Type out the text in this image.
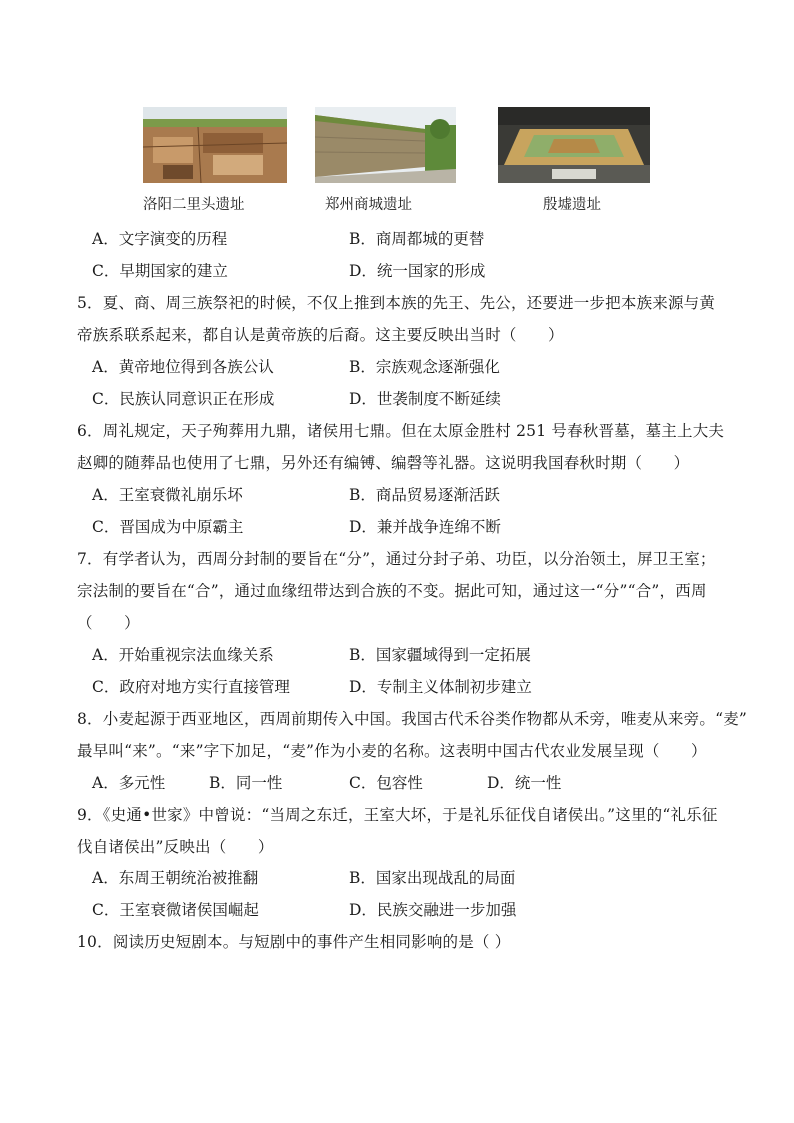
洛阳二里头遗址	郑州商城遗址	殷墟遗址
A．文字演变的历程	B．商周都城的更替
C．早期国家的建立	D．统一国家的形成
5．夏、商、周三族祭祀的时候，不仅上推到本族的先王、先公，还要进一步把本族来源与黄
帝族系联系起来，都自认是黄帝族的后裔。这主要反映出当时（　　）
A．黄帝地位得到各族公认	B．宗族观念逐渐强化
C．民族认同意识正在形成	D．世袭制度不断延续
6．周礼规定，天子殉葬用九鼎，诸侯用七鼎。但在太原金胜村 251 号春秋晋墓，墓主上大夫
赵卿的随葬品也使用了七鼎，另外还有编镈、编磬等礼器。这说明我国春秋时期（　　）
A．王室衰微礼崩乐坏	B．商品贸易逐渐活跃
C．晋国成为中原霸主	D．兼并战争连绵不断
7．有学者认为，西周分封制的要旨在“分”，通过分封子弟、功臣，以分治领土，屏卫王室；
宗法制的要旨在“合”，通过血缘纽带达到合族的不变。据此可知，通过这一“分”“合”，西周
（　　）
A．开始重视宗法血缘关系	B．国家疆域得到一定拓展
C．政府对地方实行直接管理	D．专制主义体制初步建立
8．小麦起源于西亚地区，西周前期传入中国。我国古代禾谷类作物都从禾旁，唯麦从来旁。“麦”
最早叫“来”。“来”字下加足，“麦”作为小麦的名称。这表明中国古代农业发展呈现（　　）
A．多元性	B．同一性	C．包容性	D．统一性
9．《史通•世家》中曾说：“当周之东迁，王室大坏，于是礼乐征伐自诸侯出。”这里的“礼乐征
伐自诸侯出”反映出（　　）
A．东周王朝统治被推翻	B．国家出现战乱的局面
C．王室衰微诸侯国崛起	D．民族交融进一步加强
10．阅读历史短剧本。与短剧中的事件产生相同影响的是（ ）
